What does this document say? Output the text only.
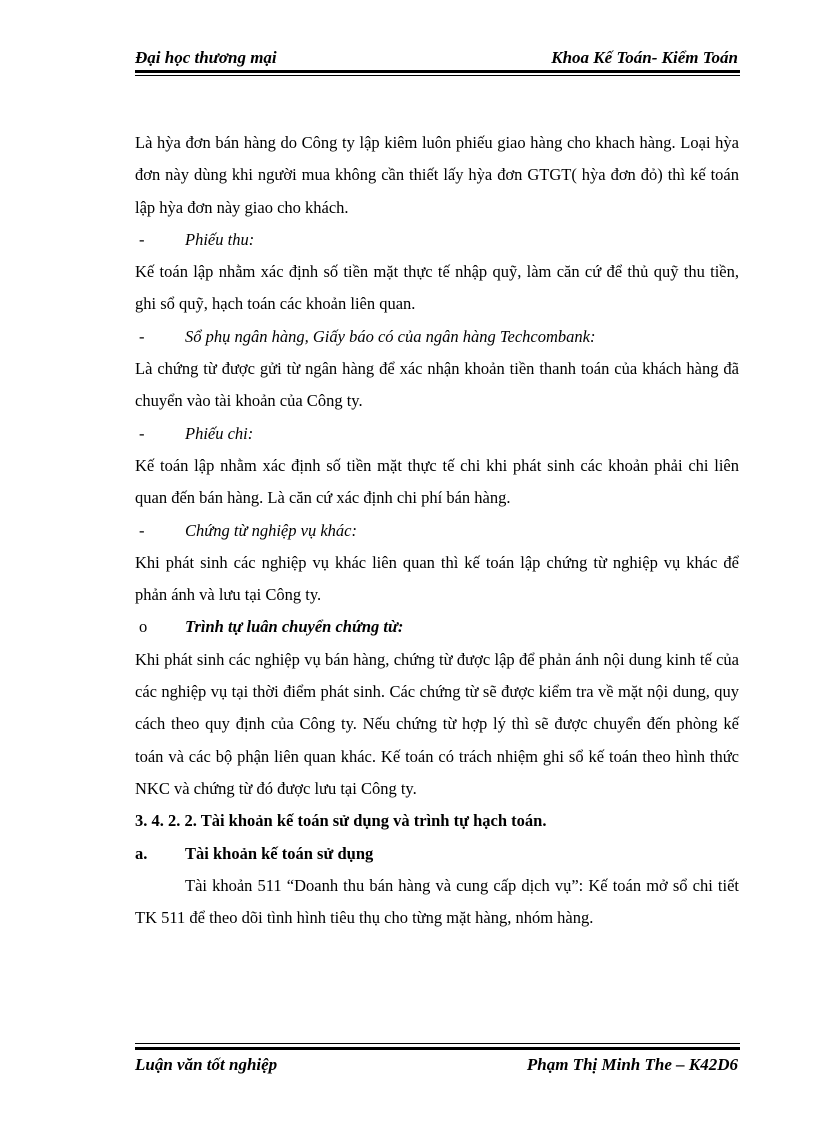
Đại học thương mại	Khoa Kế Toán- Kiểm Toán

Là hỳa đơn bán hàng do Công ty lập kiêm luôn phiếu giao hàng cho khach hàng. Loại hỳa đơn này dùng khi người mua không cần thiết lấy hỳa đơn GTGT( hỳa đơn đỏ) thì kế toán lập hỳa đơn này giao cho khách.

- Phiếu thu:

Kế toán lập nhằm xác định số tiền mặt thực tế nhập quỹ, làm căn cứ để thủ quỹ thu tiền, ghi sổ quỹ, hạch toán các khoản liên quan.

- Sổ phụ ngân hàng, Giấy báo có của ngân hàng Techcombank:

Là chứng từ được gửi từ ngân hàng để xác nhận khoản tiền thanh toán của khách hàng đã chuyển vào tài khoản của Công ty.

- Phiếu chi:

Kế toán lập nhằm xác định số tiền mặt thực tế chi khi phát sinh các khoản phải chi liên quan đến bán hàng. Là căn cứ xác định chi phí bán hàng.

- Chứng từ nghiệp vụ khác:

Khi phát sinh các nghiệp vụ khác liên quan thì kế toán lập chứng từ nghiệp vụ khác để phản ánh và lưu tại Công ty.

o Trình tự luân chuyển chứng từ:

Khi phát sinh các nghiệp vụ bán hàng, chứng từ được lập để phản ánh nội dung kinh tế của các nghiệp vụ tại thời điểm phát sinh. Các chứng từ sẽ được kiểm tra về mặt nội dung, quy cách theo quy định của Công ty. Nếu chứng từ hợp lý thì sẽ được chuyển đến phòng kế toán và các bộ phận liên quan khác. Kế toán có trách nhiệm ghi sổ kế toán theo hình thức NKC và chứng từ đó được lưu tại Công ty.

3. 4. 2. 2. Tài khoản kế toán sử dụng và trình tự hạch toán.

a. Tài khoản kế toán sử dụng

Tài khoản 511 “Doanh thu bán hàng và cung cấp dịch vụ”: Kế toán mở sổ chi tiết TK 511 để theo dõi tình hình tiêu thụ cho từng mặt hàng, nhóm hàng.

Luận văn tốt nghiệp	Phạm Thị Minh The – K42D6
